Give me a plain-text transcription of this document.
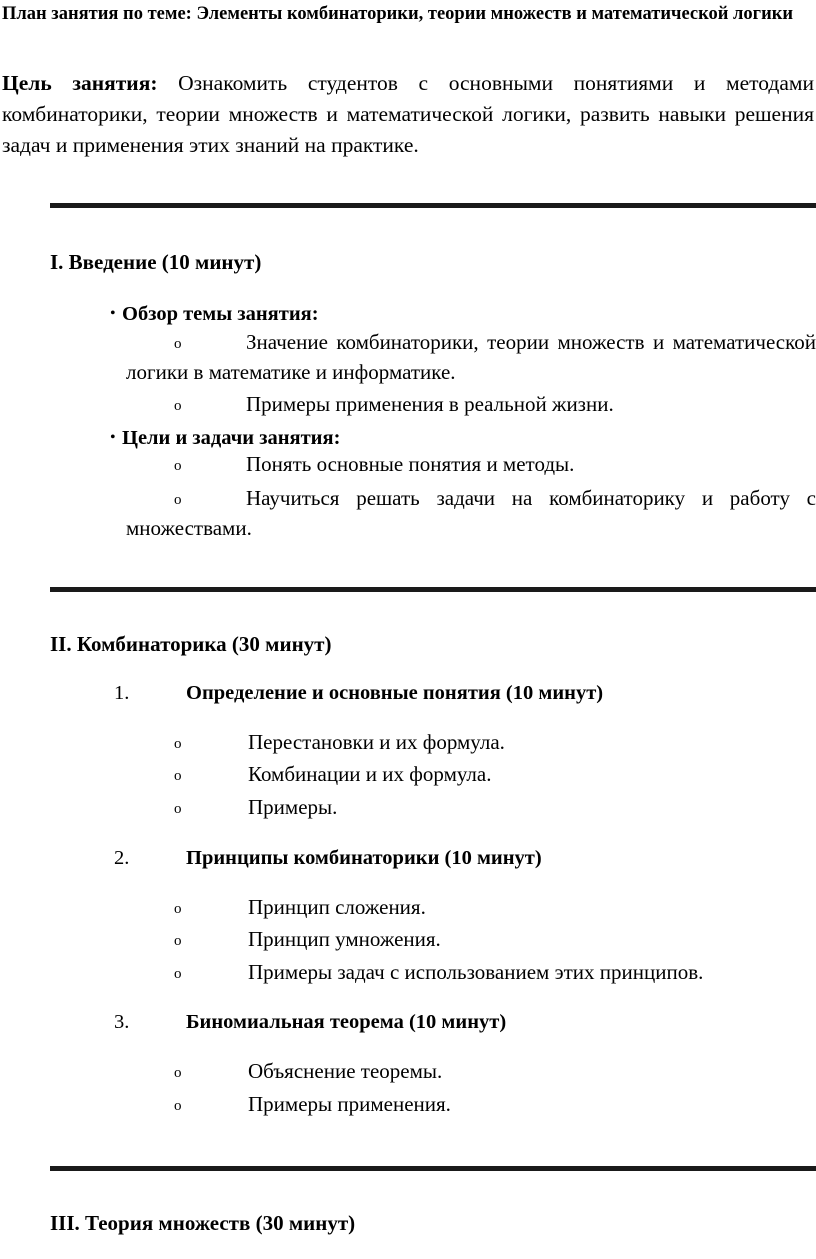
План занятия по теме: Элементы комбинаторики, теории множеств и математической логики
Цель занятия: Ознакомить студентов с основными понятиями и методами комбинаторики, теории множеств и математической логики, развить навыки решения задач и применения этих знаний на практике.
I. Введение (10 минут)
• Обзор темы занятия:
o	Значение комбинаторики, теории множеств и математической логики в математике и информатике.
o	Примеры применения в реальной жизни.
• Цели и задачи занятия:
o	Понять основные понятия и методы.
o	Научиться решать задачи на комбинаторику и работу с множествами.
II. Комбинаторика (30 минут)
1.	Определение и основные понятия (10 минут)
o	Перестановки и их формула.
o	Комбинации и их формула.
o	Примеры.
2.	Принципы комбинаторики (10 минут)
o	Принцип сложения.
o	Принцип умножения.
o	Примеры задач с использованием этих принципов.
3.	Биномиальная теорема (10 минут)
o	Объяснение теоремы.
o	Примеры применения.
III. Теория множеств (30 минут)
